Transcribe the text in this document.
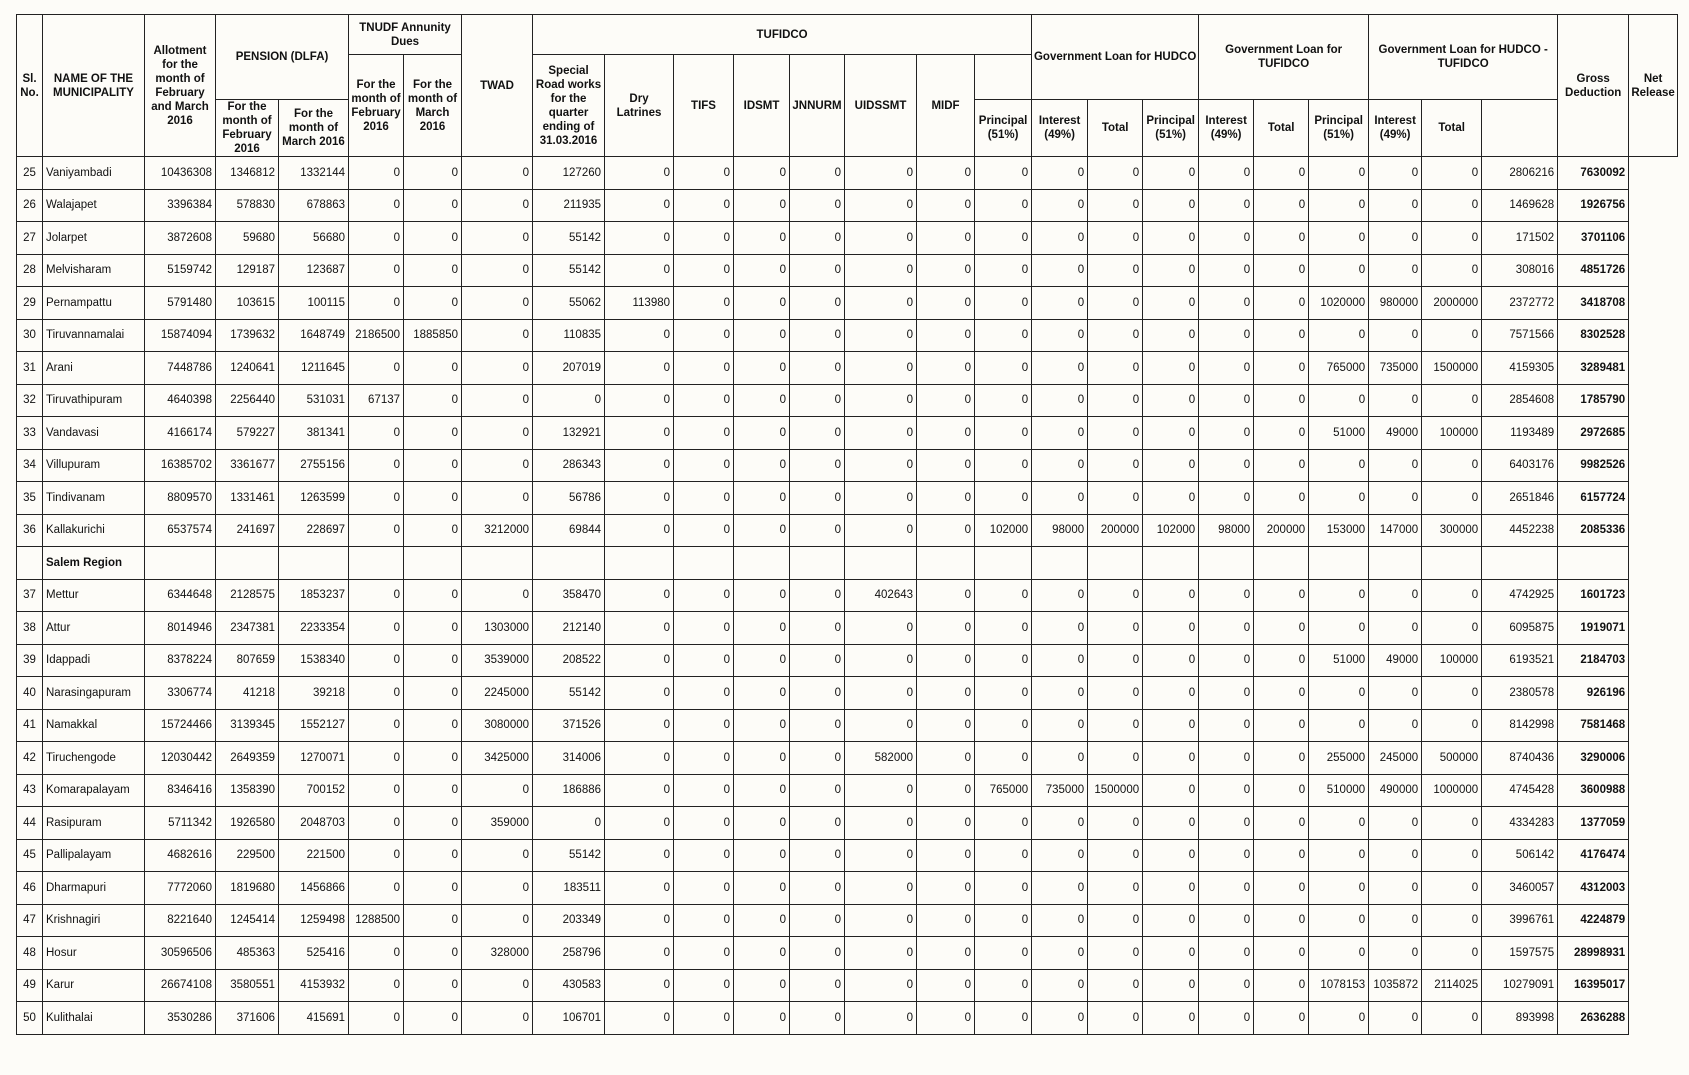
Sl. No.	NAME OF THE MUNICIPALITY	Allotment for the month of February and March 2016	PENSION (DLFA)		TNUDF Annunity Dues		TWAD	TUFIDCO								Government Loan for HUDCO			Government Loan for TUFIDCO			Government Loan for HUDCO - TUFIDCO			Gross Deduction	Net Release
					For the month of February 2016	For the month of March 2016		Special Road works for the quarter ending of 31.03.2016	Dry Latrines	TIFS	IDSMT	JNNURM	UIDSSMT	MIDF												
			For the month of February 2016	For the month of March 2016											Principal (51%)	Interest (49%)	Total	Principal (51%)	Interest (49%)	Total	Principal (51%)	Interest (49%)	Total			
25	Vaniyambadi	10436308	1346812	1332144	0	0	0	127260	0	0	0	0	0	0	0	0	0	0	0	0	0	0	0	2806216	7630092	
26	Walajapet	3396384	578830	678863	0	0	0	211935	0	0	0	0	0	0	0	0	0	0	0	0	0	0	0	1469628	1926756	
27	Jolarpet	3872608	59680	56680	0	0	0	55142	0	0	0	0	0	0	0	0	0	0	0	0	0	0	0	171502	3701106	
28	Melvisharam	5159742	129187	123687	0	0	0	55142	0	0	0	0	0	0	0	0	0	0	0	0	0	0	0	308016	4851726	
29	Pernampattu	5791480	103615	100115	0	0	0	55062	113980	0	0	0	0	0	0	0	0	0	0	0	1020000	980000	2000000	2372772	3418708	
30	Tiruvannamalai	15874094	1739632	1648749	2186500	1885850	0	110835	0	0	0	0	0	0	0	0	0	0	0	0	0	0	0	7571566	8302528	
31	Arani	7448786	1240641	1211645	0	0	0	207019	0	0	0	0	0	0	0	0	0	0	0	0	765000	735000	1500000	4159305	3289481	
32	Tiruvathipuram	4640398	2256440	531031	67137	0	0	0	0	0	0	0	0	0	0	0	0	0	0	0	0	0	0	2854608	1785790	
33	Vandavasi	4166174	579227	381341	0	0	0	132921	0	0	0	0	0	0	0	0	0	0	0	0	51000	49000	100000	1193489	2972685	
34	Villupuram	16385702	3361677	2755156	0	0	0	286343	0	0	0	0	0	0	0	0	0	0	0	0	0	0	0	6403176	9982526	
35	Tindivanam	8809570	1331461	1263599	0	0	0	56786	0	0	0	0	0	0	0	0	0	0	0	0	0	0	0	2651846	6157724	
36	Kallakurichi	6537574	241697	228697	0	0	3212000	69844	0	0	0	0	0	0	102000	98000	200000	102000	98000	200000	153000	147000	300000	4452238	2085336	
	Salem Region																									
37	Mettur	6344648	2128575	1853237	0	0	0	358470	0	0	0	0	402643	0	0	0	0	0	0	0	0	0	0	4742925	1601723	
38	Attur	8014946	2347381	2233354	0	0	1303000	212140	0	0	0	0	0	0	0	0	0	0	0	0	0	0	0	6095875	1919071	
39	Idappadi	8378224	807659	1538340	0	0	3539000	208522	0	0	0	0	0	0	0	0	0	0	0	0	51000	49000	100000	6193521	2184703	
40	Narasingapuram	3306774	41218	39218	0	0	2245000	55142	0	0	0	0	0	0	0	0	0	0	0	0	0	0	0	2380578	926196	
41	Namakkal	15724466	3139345	1552127	0	0	3080000	371526	0	0	0	0	0	0	0	0	0	0	0	0	0	0	0	8142998	7581468	
42	Tiruchengode	12030442	2649359	1270071	0	0	3425000	314006	0	0	0	0	582000	0	0	0	0	0	0	0	255000	245000	500000	8740436	3290006	
43	Komarapalayam	8346416	1358390	700152	0	0	0	186886	0	0	0	0	0	0	765000	735000	1500000	0	0	0	510000	490000	1000000	4745428	3600988	
44	Rasipuram	5711342	1926580	2048703	0	0	359000	0	0	0	0	0	0	0	0	0	0	0	0	0	0	0	0	4334283	1377059	
45	Pallipalayam	4682616	229500	221500	0	0	0	55142	0	0	0	0	0	0	0	0	0	0	0	0	0	0	0	506142	4176474	
46	Dharmapuri	7772060	1819680	1456866	0	0	0	183511	0	0	0	0	0	0	0	0	0	0	0	0	0	0	0	3460057	4312003	
47	Krishnagiri	8221640	1245414	1259498	1288500	0	0	203349	0	0	0	0	0	0	0	0	0	0	0	0	0	0	0	3996761	4224879	
48	Hosur	30596506	485363	525416	0	0	328000	258796	0	0	0	0	0	0	0	0	0	0	0	0	0	0	0	1597575	28998931	
49	Karur	26674108	3580551	4153932	0	0	0	430583	0	0	0	0	0	0	0	0	0	0	0	0	1078153	1035872	2114025	10279091	16395017	
50	Kulithalai	3530286	371606	415691	0	0	0	106701	0	0	0	0	0	0	0	0	0	0	0	0	0	0	0	893998	2636288	
